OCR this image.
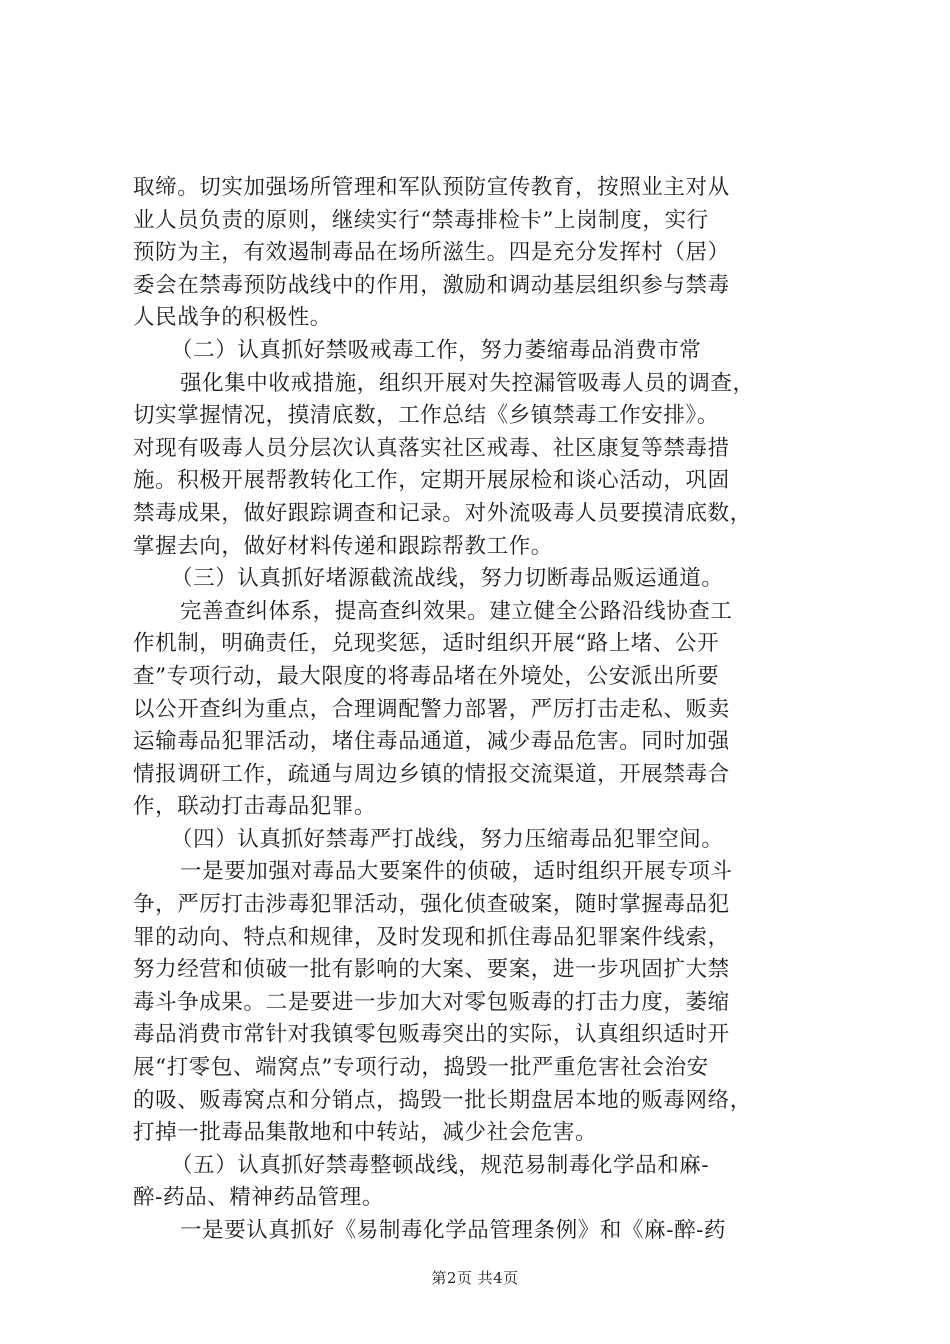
取缔。切实加强场所管理和军队预防宣传教育，按照业主对从
业人员负责的原则，继续实行“禁毒排检卡”上岗制度，实行
预防为主，有效遏制毒品在场所滋生。四是充分发挥村（居）
委会在禁毒预防战线中的作用，激励和调动基层组织参与禁毒
人民战争的积极性。
（二）认真抓好禁吸戒毒工作，努力萎缩毒品消费市常
强化集中收戒措施，组织开展对失控漏管吸毒人员的调查，
切实掌握情况，摸清底数，工作总结《乡镇禁毒工作安排》。
对现有吸毒人员分层次认真落实社区戒毒、社区康复等禁毒措
施。积极开展帮教转化工作，定期开展尿检和谈心活动，巩固
禁毒成果，做好跟踪调查和记录。对外流吸毒人员要摸清底数，
掌握去向，做好材料传递和跟踪帮教工作。
（三）认真抓好堵源截流战线，努力切断毒品贩运通道。
完善查纠体系，提高查纠效果。建立健全公路沿线协查工
作机制，明确责任，兑现奖惩，适时组织开展“路上堵、公开
查”专项行动，最大限度的将毒品堵在外境处，公安派出所要
以公开查纠为重点，合理调配警力部署，严厉打击走私、贩卖
运输毒品犯罪活动，堵住毒品通道，减少毒品危害。同时加强
情报调研工作，疏通与周边乡镇的情报交流渠道，开展禁毒合
作，联动打击毒品犯罪。
（四）认真抓好禁毒严打战线，努力压缩毒品犯罪空间。
一是要加强对毒品大要案件的侦破，适时组织开展专项斗
争，严厉打击涉毒犯罪活动，强化侦查破案，随时掌握毒品犯
罪的动向、特点和规律，及时发现和抓住毒品犯罪案件线索，
努力经营和侦破一批有影响的大案、要案，进一步巩固扩大禁
毒斗争成果。二是要进一步加大对零包贩毒的打击力度，萎缩
毒品消费市常针对我镇零包贩毒突出的实际，认真组织适时开
展“打零包、端窝点”专项行动，捣毁一批严重危害社会治安
的吸、贩毒窝点和分销点，捣毁一批长期盘居本地的贩毒网络，
打掉一批毒品集散地和中转站，减少社会危害。
（五）认真抓好禁毒整顿战线，规范易制毒化学品和麻-
醉-药品、精神药品管理。
一是要认真抓好《易制毒化学品管理条例》和《麻-醉-药
第2页 共4页
